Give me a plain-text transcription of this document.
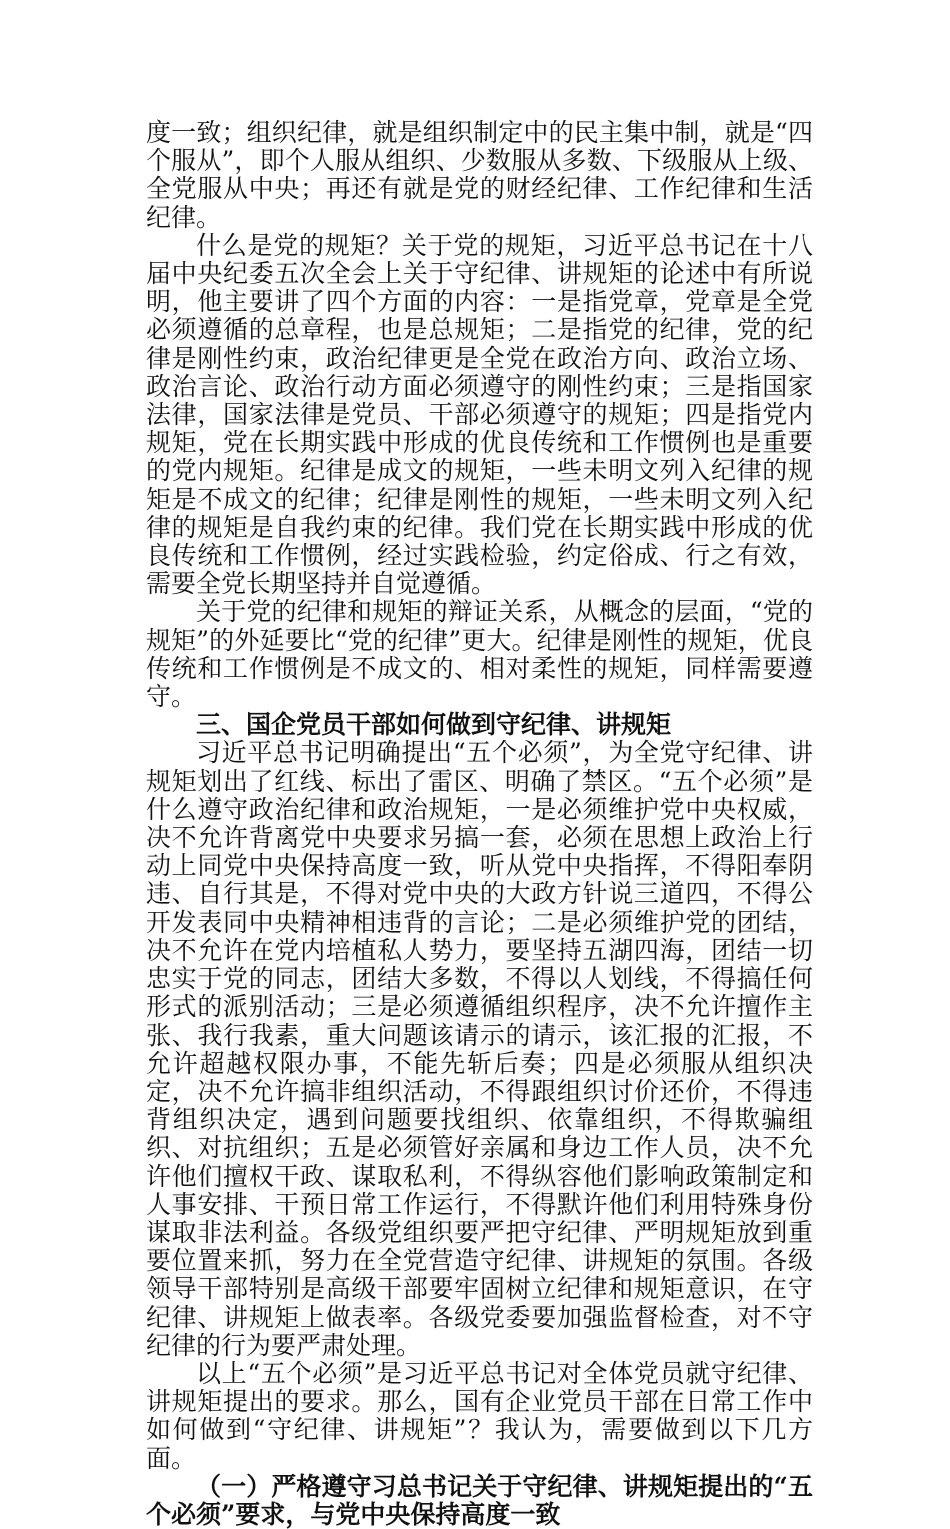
度一致；组织纪律，就是组织制定中的民主集中制，就是“四个服从”，即个人服从组织、少数服从多数、下级服从上级、全党服从中央；再还有就是党的财经纪律、工作纪律和生活纪律。

什么是党的规矩？关于党的规矩，习近平总书记在十八届中央纪委五次全会上关于守纪律、讲规矩的论述中有所说明，他主要讲了四个方面的内容：一是指党章，党章是全党必须遵循的总章程，也是总规矩；二是指党的纪律，党的纪律是刚性约束，政治纪律更是全党在政治方向、政治立场、政治言论、政治行动方面必须遵守的刚性约束；三是指国家法律，国家法律是党员、干部必须遵守的规矩；四是指党内规矩，党在长期实践中形成的优良传统和工作惯例也是重要的党内规矩。纪律是成文的规矩，一些未明文列入纪律的规矩是不成文的纪律；纪律是刚性的规矩，一些未明文列入纪律的规矩是自我约束的纪律。我们党在长期实践中形成的优良传统和工作惯例，经过实践检验，约定俗成、行之有效，需要全党长期坚持并自觉遵循。

关于党的纪律和规矩的辩证关系，从概念的层面，“党的规矩”的外延要比“党的纪律”更大。纪律是刚性的规矩，优良传统和工作惯例是不成文的、相对柔性的规矩，同样需要遵守。

三、国企党员干部如何做到守纪律、讲规矩

习近平总书记明确提出“五个必须”，为全党守纪律、讲规矩划出了红线、标出了雷区、明确了禁区。“五个必须”是什么遵守政治纪律和政治规矩，一是必须维护党中央权威，决不允许背离党中央要求另搞一套，必须在思想上政治上行动上同党中央保持高度一致，听从党中央指挥，不得阳奉阴违、自行其是，不得对党中央的大政方针说三道四，不得公开发表同中央精神相违背的言论；二是必须维护党的团结，决不允许在党内培植私人势力，要坚持五湖四海，团结一切忠实于党的同志，团结大多数，不得以人划线，不得搞任何形式的派别活动；三是必须遵循组织程序，决不允许擅作主张、我行我素，重大问题该请示的请示，该汇报的汇报，不允许超越权限办事，不能先斩后奏；四是必须服从组织决定，决不允许搞非组织活动，不得跟组织讨价还价，不得违背组织决定，遇到问题要找组织、依靠组织，不得欺骗组织、对抗组织；五是必须管好亲属和身边工作人员，决不允许他们擅权干政、谋取私利，不得纵容他们影响政策制定和人事安排、干预日常工作运行，不得默许他们利用特殊身份谋取非法利益。各级党组织要严把守纪律、严明规矩放到重要位置来抓，努力在全党营造守纪律、讲规矩的氛围。各级领导干部特别是高级干部要牢固树立纪律和规矩意识，在守纪律、讲规矩上做表率。各级党委要加强监督检查，对不守纪律的行为要严肃处理。

以上“五个必须”是习近平总书记对全体党员就守纪律、讲规矩提出的要求。那么，国有企业党员干部在日常工作中如何做到“守纪律、讲规矩”？我认为，需要做到以下几方面。

（一）严格遵守习总书记关于守纪律、讲规矩提出的“五个必须”要求，与党中央保持高度一致
